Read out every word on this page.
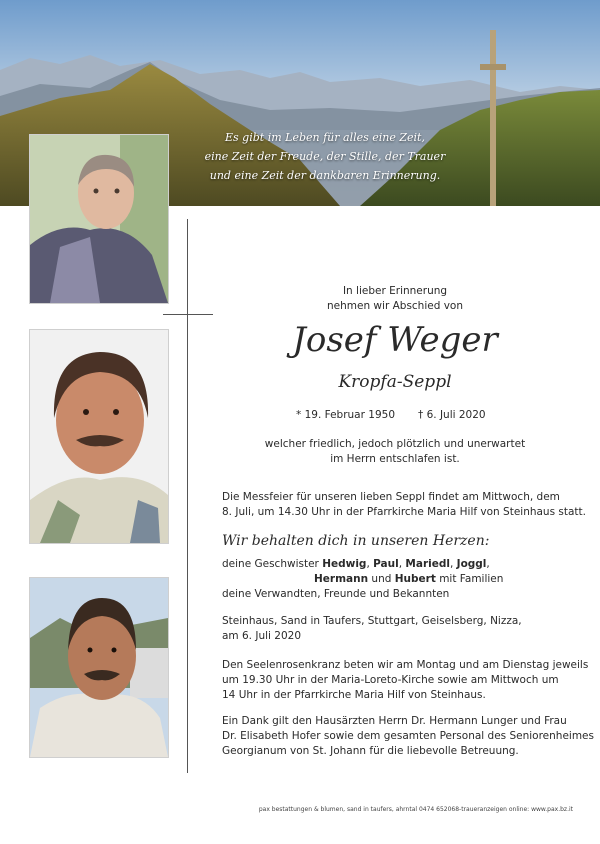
Es gibt im Leben für alles eine Zeit,
eine Zeit der Freude, der Stille, der Trauer
und eine Zeit der dankbaren Erinnerung.
In lieber Erinnerung
nehmen wir Abschied von
Josef Weger
Kropfa-Seppl
* 19. Februar 1950 † 6. Juli 2020
welcher friedlich, jedoch plötzlich und unerwartet
im Herrn entschlafen ist.
Die Messfeier für unseren lieben Seppl findet am Mittwoch, dem
8. Juli, um 14.30 Uhr in der Pfarrkirche Maria Hilf von Steinhaus statt.
Wir behalten dich in unseren Herzen:
deine Geschwister Hedwig, Paul, Mariedl, Joggl,
Hermann und Hubert mit Familien
deine Verwandten, Freunde und Bekannten
Steinhaus, Sand in Taufers, Stuttgart, Geiselsberg, Nizza,
am 6. Juli 2020
Den Seelenrosenkranz beten wir am Montag und am Dienstag jeweils
um 19.30 Uhr in der Maria-Loreto-Kirche sowie am Mittwoch um
14 Uhr in der Pfarrkirche Maria Hilf von Steinhaus.
Ein Dank gilt den Hausärzten Herrn Dr. Hermann Lunger und Frau
Dr. Elisabeth Hofer sowie dem gesamten Personal des Seniorenheimes
Georgianum von St. Johann für die liebevolle Betreuung.
pax bestattungen & blumen, sand in taufers, ahrntal 0474 652068-traueranzeigen online: www.pax.bz.it
